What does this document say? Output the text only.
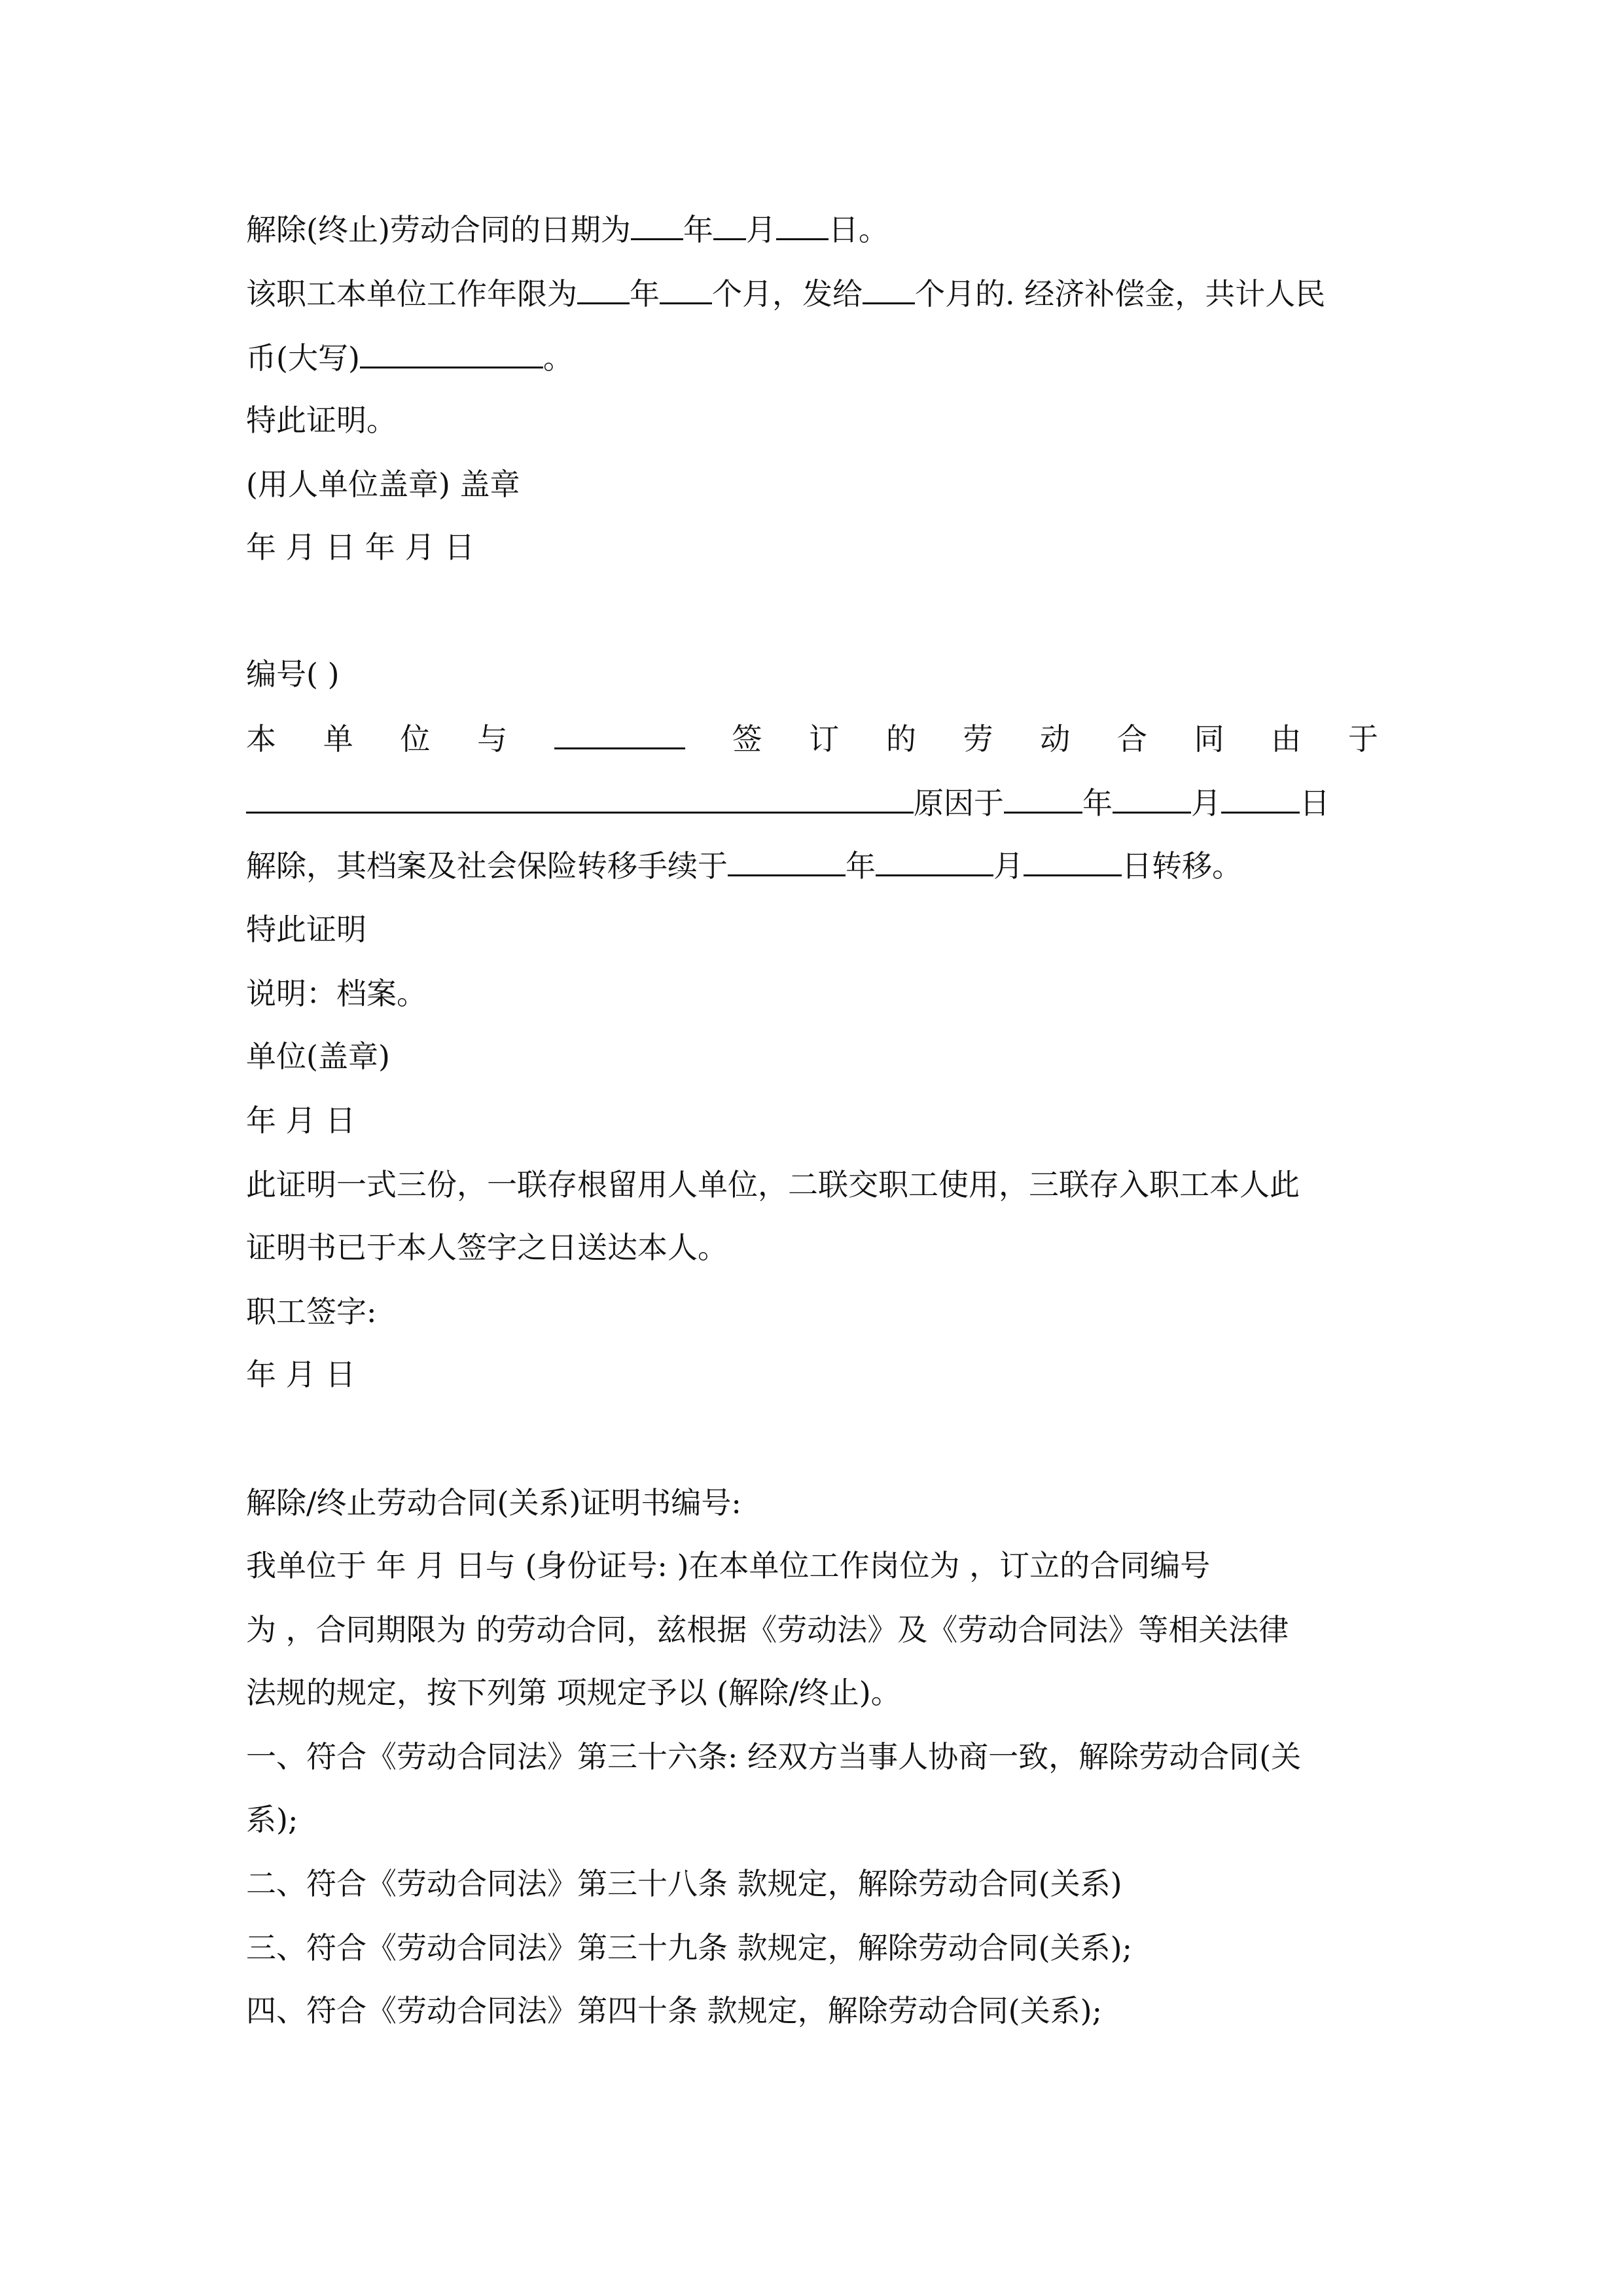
解除(终止)劳动合同的日期为 年 月 日。
该职工本单位工作年限为 年 个月，发给 个月的. 经济补偿金，共计人民
币(大写)	。
特此证明。
(用人单位盖章) 盖章
年 月 日 年 月 日
编号( )
本 单 位 与	签 订 的 劳 动 合 同 由 于
原因于	年	月	日
解除，其档案及社会保险转移手续于	年	月	日转移。
特此证明
说明：档案。
单位(盖章)
年 月 日
此证明一式三份，一联存根留用人单位，二联交职工使用，三联存入职工本人此
证明书已于本人签字之日送达本人。
职工签字:
年 月 日
解除/终止劳动合同(关系)证明书编号:
我单位于 年 月 日与 (身份证号: )在本单位工作岗位为 ，订立的合同编号
为 ，合同期限为 的劳动合同，兹根据《劳动法》及《劳动合同法》等相关法律
法规的规定，按下列第 项规定予以 (解除/终止)。
一、符合《劳动合同法》第三十六条: 经双方当事人协商一致，解除劳动合同(关
系);
二、符合《劳动合同法》第三十八条 款规定，解除劳动合同(关系)
三、符合《劳动合同法》第三十九条 款规定，解除劳动合同(关系);
四、符合《劳动合同法》第四十条 款规定，解除劳动合同(关系);
